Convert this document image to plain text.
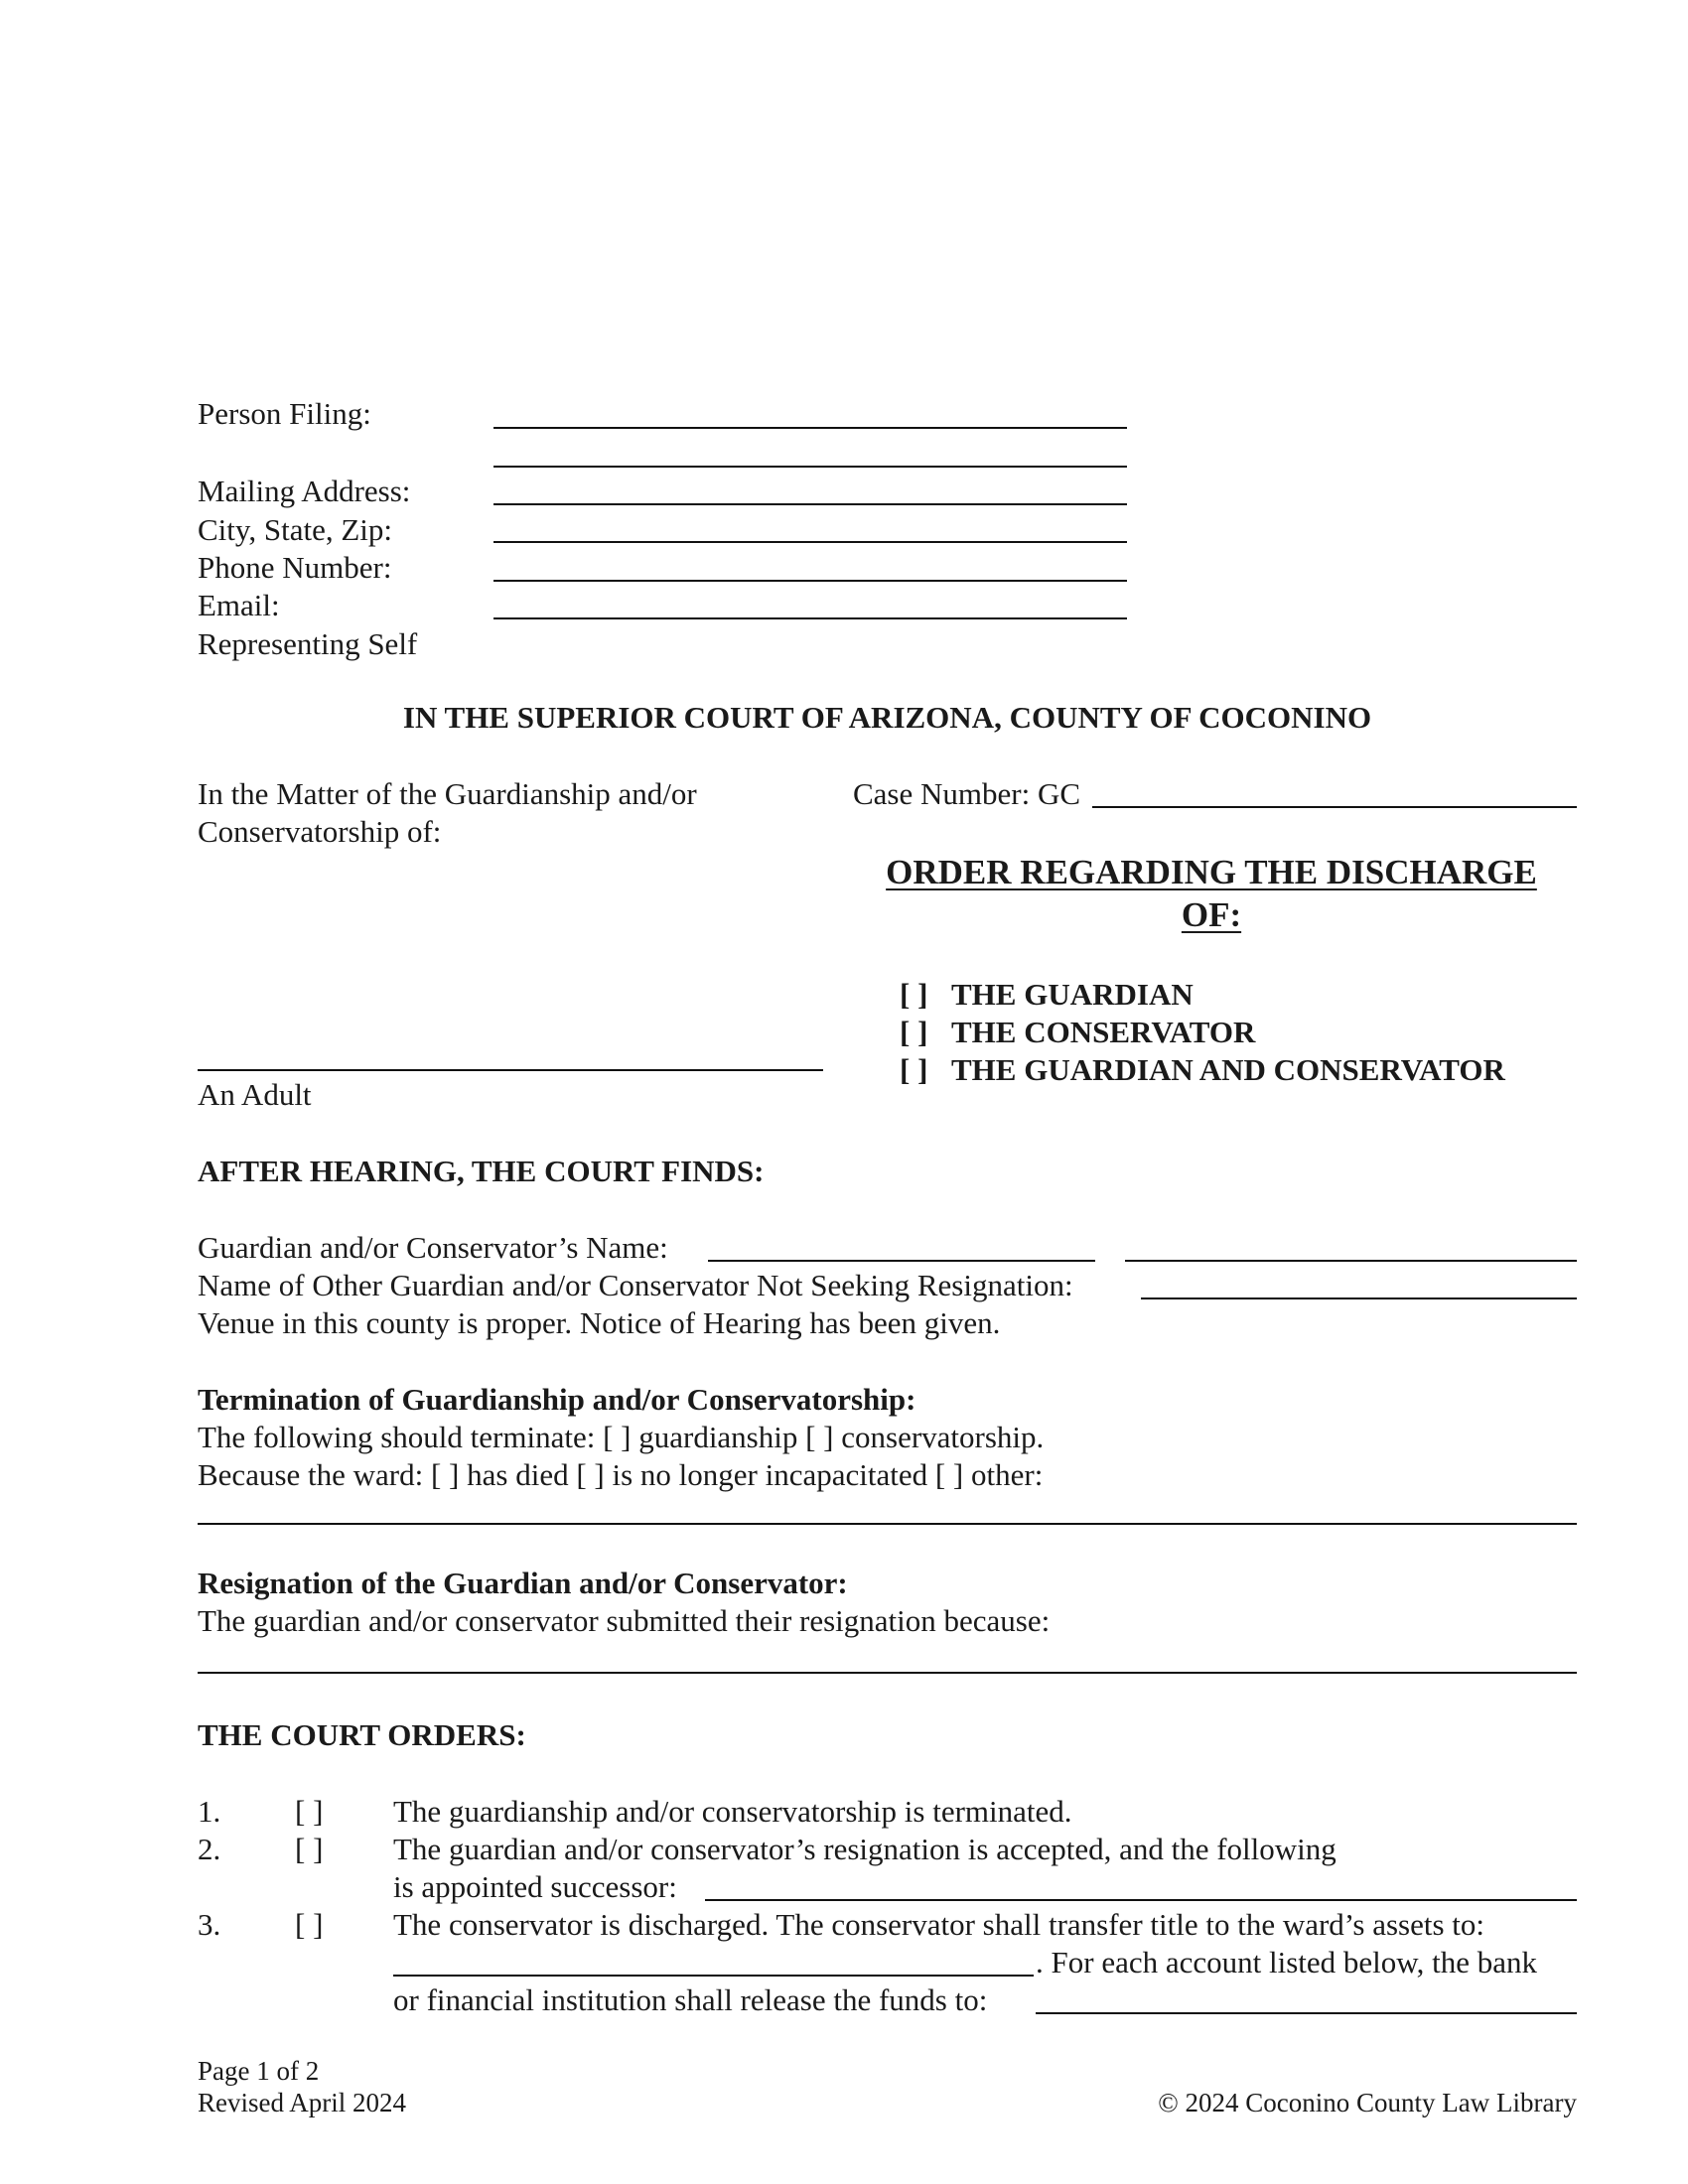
Person Filing:
Mailing Address:
City, State, Zip:
Phone Number:
Email:
Representing Self
IN THE SUPERIOR COURT OF ARIZONA, COUNTY OF COCONINO
In the Matter of the Guardianship and/or
Conservatorship of:
An Adult
Case Number: GC
ORDER REGARDING THE DISCHARGE
OF:
[ ] THE GUARDIAN
[ ] THE CONSERVATOR
[ ] THE GUARDIAN AND CONSERVATOR
AFTER HEARING, THE COURT FINDS:
Guardian and/or Conservator’s Name:
Name of Other Guardian and/or Conservator Not Seeking Resignation:
Venue in this county is proper. Notice of Hearing has been given.
Termination of Guardianship and/or Conservatorship:
The following should terminate: [ ] guardianship [ ] conservatorship.
Because the ward: [ ] has died [ ] is no longer incapacitated [ ] other:
Resignation of the Guardian and/or Conservator:
The guardian and/or conservator submitted their resignation because:
THE COURT ORDERS:
1. [ ] The guardianship and/or conservatorship is terminated.
2. [ ] The guardian and/or conservator’s resignation is accepted, and the following
is appointed successor:
3. [ ] The conservator is discharged. The conservator shall transfer title to the ward’s assets to:
. For each account listed below, the bank
or financial institution shall release the funds to:
Page 1 of 2
Revised April 2024	© 2024 Coconino County Law Library
